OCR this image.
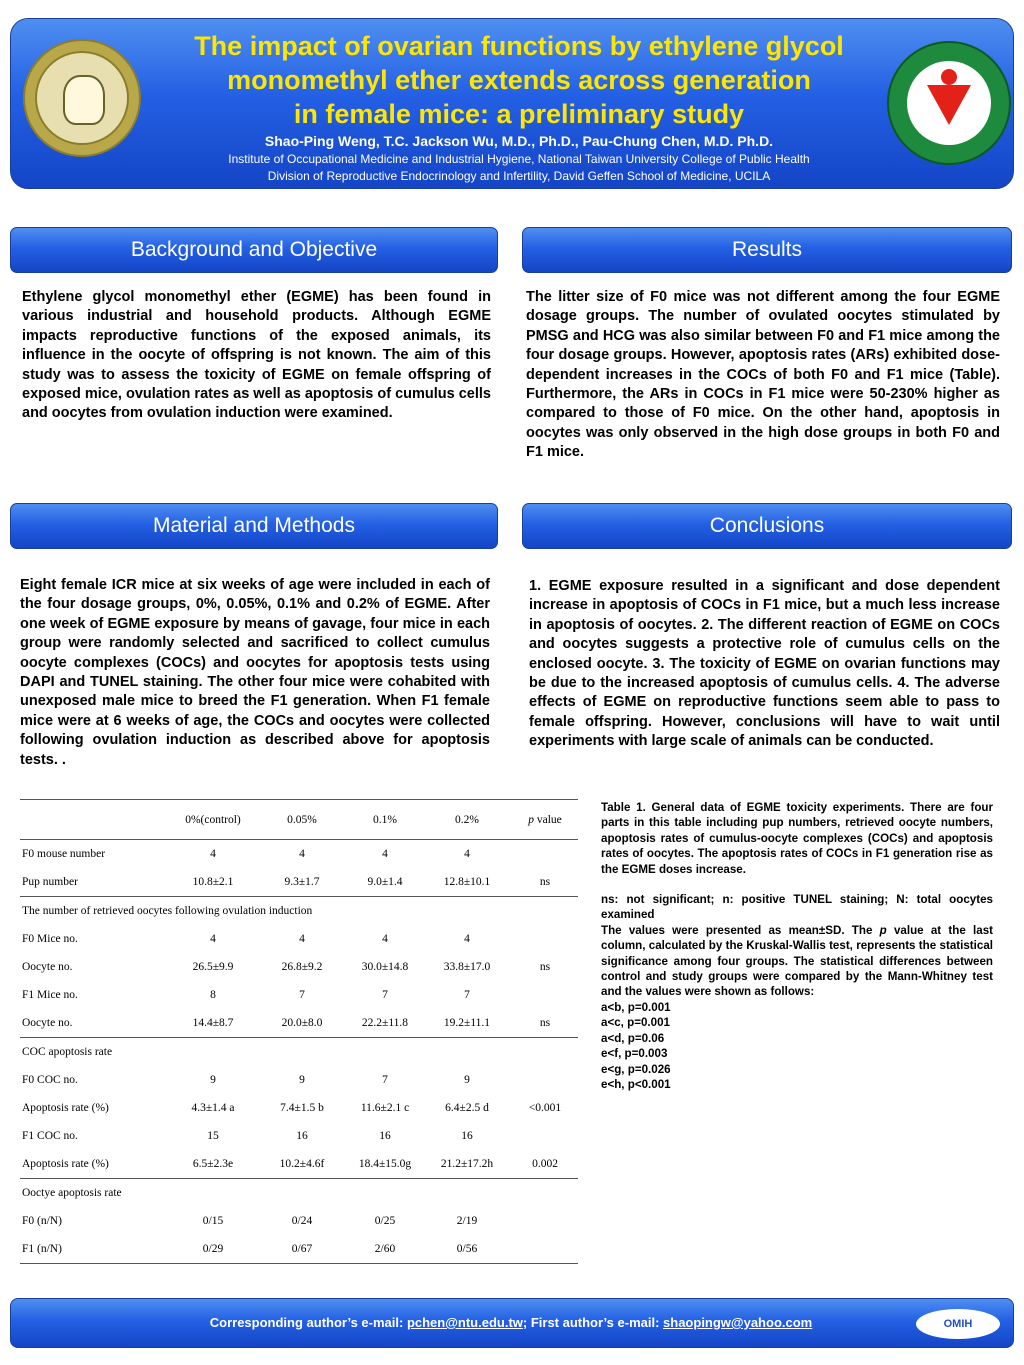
The impact of ovarian functions by ethylene glycol
monomethyl ether extends across generation
in female mice: a preliminary study
Shao-Ping Weng, T.C. Jackson Wu, M.D., Ph.D., Pau-Chung Chen, M.D. Ph.D.
Institute of Occupational Medicine and Industrial Hygiene, National Taiwan University College of Public Health
Division of Reproductive Endocrinology and Infertility, David Geffen School of Medicine, UCILA
CPH·NTU
Background and Objective

Ethylene glycol monomethyl ether (EGME) has been found in various industrial and household products. Although EGME impacts reproductive functions of the exposed animals, its influence in the oocyte of offspring is not known. The aim of this study was to assess the toxicity of EGME on female offspring of exposed mice, ovulation rates as well as apoptosis of cumulus cells and oocytes from ovulation induction were examined.

Results

The litter size of F0 mice was not different among the four EGME dosage groups. The number of ovulated oocytes stimulated by PMSG and HCG was also similar between F0 and F1 mice among the four dosage groups. However, apoptosis rates (ARs) exhibited dose-dependent increases in the COCs of both F0 and F1 mice (Table). Furthermore, the ARs in COCs in F1 mice were 50-230% higher as compared to those of F0 mice. On the other hand, apoptosis in oocytes was only observed in the high dose groups in both F0 and F1 mice.

Material and Methods

Eight female ICR mice at six weeks of age were included in each of the four dosage groups, 0%, 0.05%, 0.1% and 0.2% of EGME. After one week of EGME exposure by means of gavage, four mice in each group were randomly selected and sacrificed to collect cumulus oocyte complexes (COCs) and oocytes for apoptosis tests using DAPI and TUNEL staining. The other four mice were cohabited with unexposed male mice to breed the F1 generation. When F1 female mice were at 6 weeks of age, the COCs and oocytes were collected following ovulation induction as described above for apoptosis tests. .

Conclusions

1. EGME exposure resulted in a significant and dose dependent increase in apoptosis of COCs in F1 mice, but a much less increase in apoptosis of oocytes. 2. The different reaction of EGME on COCs and oocytes suggests a protective role of cumulus cells on the enclosed oocyte. 3. The toxicity of EGME on ovarian functions may be due to the increased apoptosis of cumulus cells. 4. The adverse effects of EGME on reproductive functions seem able to pass to female offspring. However, conclusions will have to wait until experiments with large scale of animals can be conducted.

	0%(control)	0.05%	0.1%	0.2%	p value
F0 mouse number	4	4	4	4	
Pup number	10.8±2.1	9.3±1.7	9.0±1.4	12.8±10.1	ns
The number of retrieved oocytes following ovulation induction					
F0 Mice no.	4	4	4	4	
Oocyte no.	26.5±9.9	26.8±9.2	30.0±14.8	33.8±17.0	ns
F1 Mice no.	8	7	7	7	
Oocyte no.	14.4±8.7	20.0±8.0	22.2±11.8	19.2±11.1	ns
COC apoptosis rate					
F0 COC no.	9	9	7	9	
Apoptosis rate (%)	4.3±1.4 a	7.4±1.5 b	11.6±2.1 c	6.4±2.5 d	<0.001
F1 COC no.	15	16	16	16	
Apoptosis rate (%)	6.5±2.3e	10.2±4.6f	18.4±15.0g	21.2±17.2h	0.002
Ooctye apoptosis rate					
F0 (n/N)	0/15	0/24	0/25	2/19	
F1 (n/N)	0/29	0/67	2/60	0/56	
Table 1. General data of EGME toxicity experiments. There are four parts in this table including pup numbers, retrieved oocyte numbers, apoptosis rates of cumulus-oocyte complexes (COCs) and apoptosis rates of oocytes. The apoptosis rates of COCs in F1 generation rise as the EGME doses increase.
ns: not significant; n: positive TUNEL staining; N: total oocytes examined
The values were presented as mean±SD. The p value at the last column, calculated by the Kruskal-Wallis test, represents the statistical significance among four groups. The statistical differences between control and study groups were compared by the Mann-Whitney test and the values were shown as follows:
a<b, p=0.001
a<c, p=0.001
a<d, p=0.06
e<f, p=0.003
e<g, p=0.026
e<h, p<0.001
Corresponding author’s e-mail: pchen@ntu.edu.tw; First author’s e-mail: shaopingw@yahoo.com	OMIH
